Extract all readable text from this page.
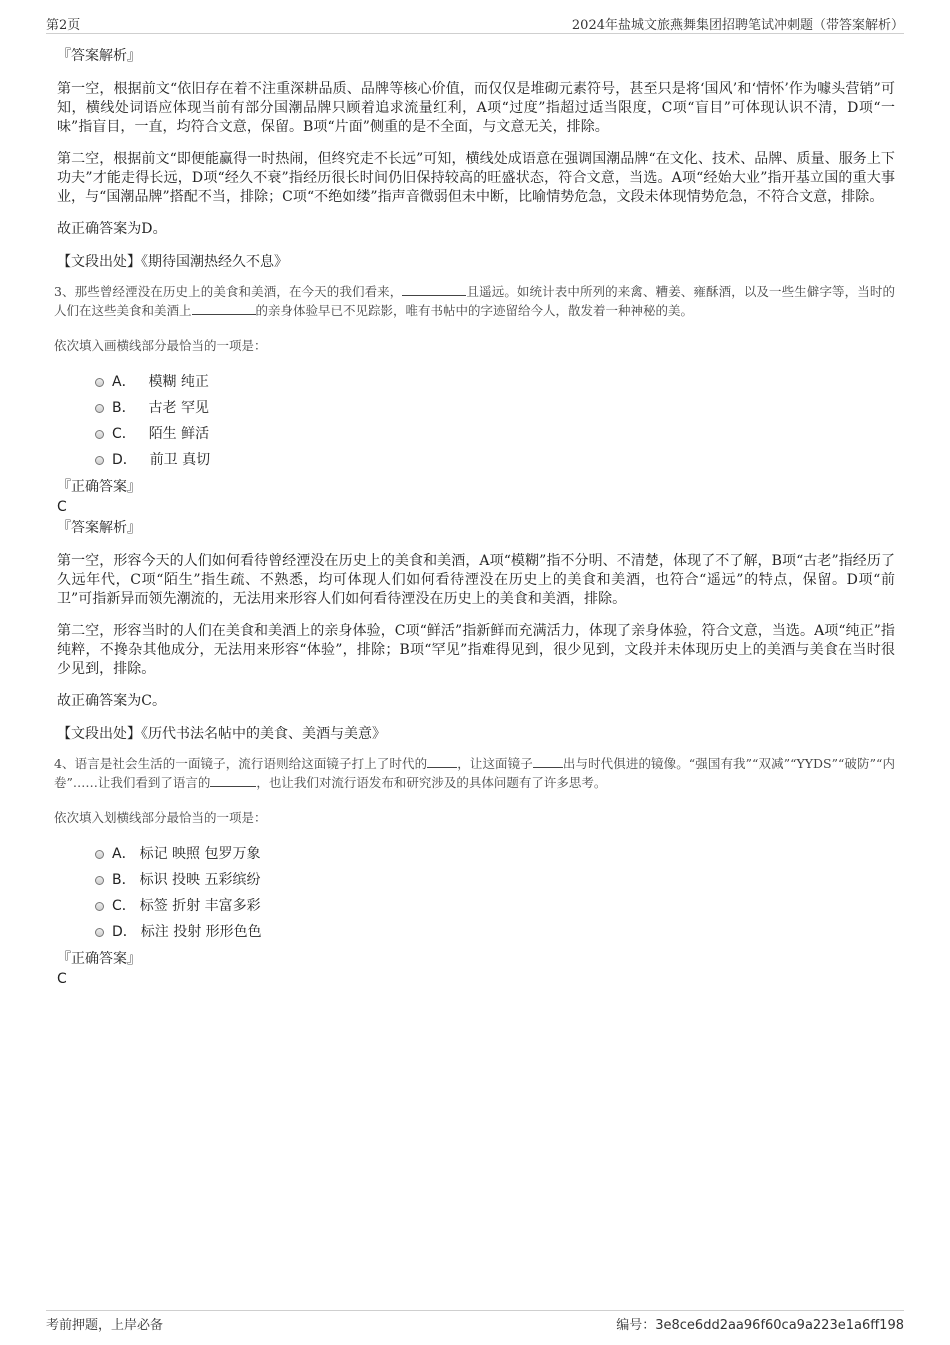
第2页	2024年盐城文旅燕舞集团招聘笔试冲刺题（带答案解析）

『答案解析』

第一空，根据前文“依旧存在着不注重深耕品质、品牌等核心价值，而仅仅是堆砌元素符号，甚至只是将‘国风’和‘情怀’作为噱头营销”可知，横线处词语应体现当前有部分国潮品牌只顾着追求流量红利，A项“过度”指超过适当限度，C项“盲目”可体现认识不清，D项“一味”指盲目，一直，均符合文意，保留。B项“片面”侧重的是不全面，与文意无关，排除。

第二空，根据前文“即便能赢得一时热闹，但终究走不长远”可知，横线处成语意在强调国潮品牌“在文化、技术、品牌、质量、服务上下功夫”才能走得长远，D项“经久不衰”指经历很长时间仍旧保持较高的旺盛状态，符合文意，当选。A项“经始大业”指开基立国的重大事业，与“国潮品牌”搭配不当，排除；C项“不绝如缕”指声音微弱但未中断，比喻情势危急，文段未体现情势危急，不符合文意，排除。

故正确答案为D。

【文段出处】《期待国潮热经久不息》

3、那些曾经湮没在历史上的美食和美酒，在今天的我们看来，	且遥远。如统计表中所列的来禽、糟姜、雍酥酒，以及一些生僻字等，当时的人们在这些美食和美酒上	的亲身体验早已不见踪影，唯有书帖中的字迹留给今人，散发着一种神秘的美。

依次填入画横线部分最恰当的一项是：

A．
模糊 纯正
B．
古老 罕见
C．
陌生 鲜活
D．
前卫 真切

『正确答案』

C

『答案解析』

第一空，形容今天的人们如何看待曾经湮没在历史上的美食和美酒，A项“模糊”指不分明、不清楚，体现了不了解，B项“古老”指经历了久远年代，C项“陌生”指生疏、不熟悉，均可体现人们如何看待湮没在历史上的美食和美酒，也符合“遥远”的特点，保留。D项“前卫”可指新异而领先潮流的，无法用来形容人们如何看待湮没在历史上的美食和美酒，排除。

第二空，形容当时的人们在美食和美酒上的亲身体验，C项“鲜活”指新鲜而充满活力，体现了亲身体验，符合文意，当选。A项“纯正”指纯粹，不搀杂其他成分，无法用来形容“体验”，排除；B项“罕见”指难得见到，很少见到，文段并未体现历史上的美酒与美食在当时很少见到，排除。

故正确答案为C。

【文段出处】《历代书法名帖中的美食、美酒与美意》

4、语言是社会生活的一面镜子，流行语则给这面镜子打上了时代的 ，让这面镜子 出与时代俱进的镜像。“强国有我”“双减”“YYDS”“破防”“内卷”……让我们看到了语言的	，也让我们对流行语发布和研究涉及的具体问题有了许多思考。

依次填入划横线部分最恰当的一项是：

A． 标记 映照 包罗万象
B． 标识 投映 五彩缤纷
C． 标签 折射 丰富多彩
D． 标注 投射 形形色色

『正确答案』

C

考前押题，上岸必备	编号：3e8ce6dd2aa96f60ca9a223e1a6ff198
